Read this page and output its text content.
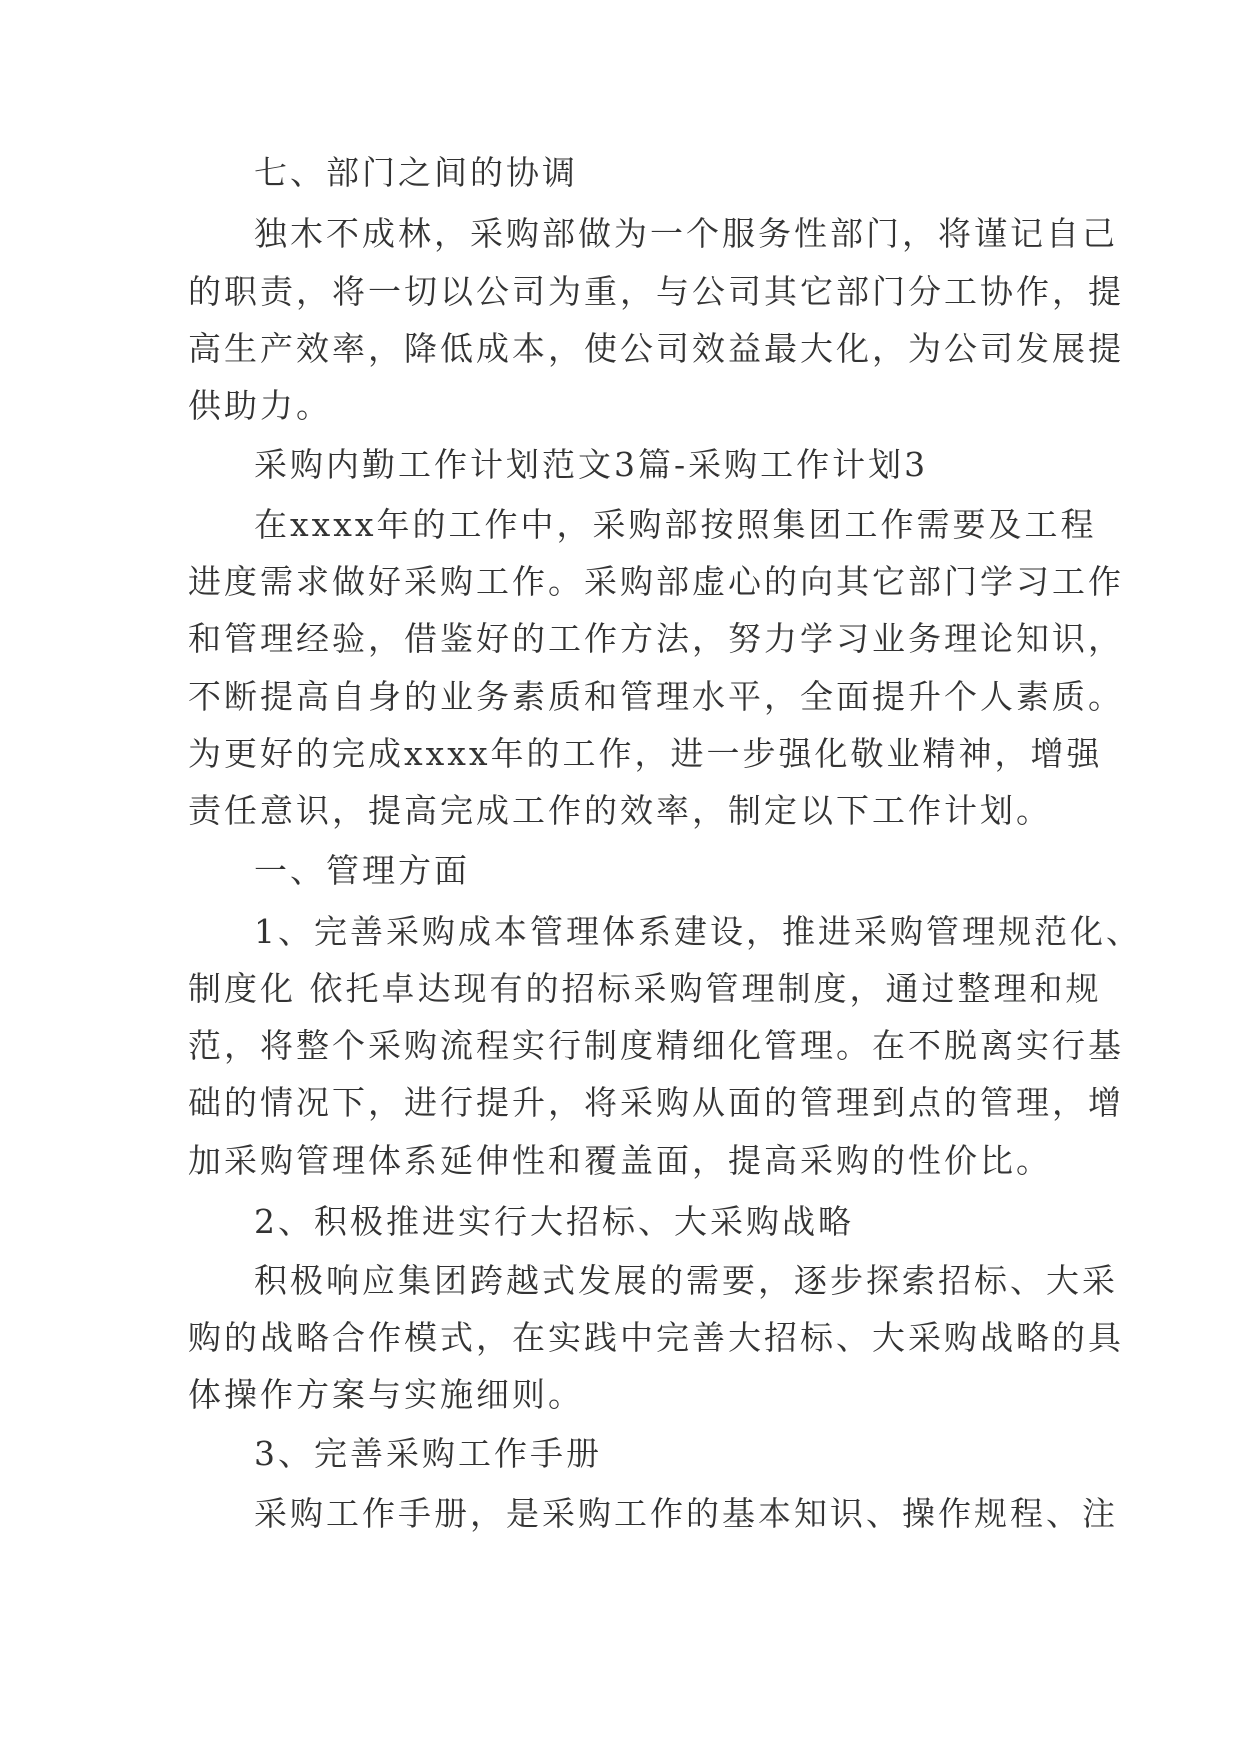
七、部门之间的协调
独木不成林，采购部做为一个服务性部门，将谨记自己
的职责，将一切以公司为重，与公司其它部门分工协作，提
高生产效率，降低成本，使公司效益最大化，为公司发展提
供助力。
采购内勤工作计划范文3篇-采购工作计划3
在xxxx年的工作中，采购部按照集团工作需要及工程
进度需求做好采购工作。采购部虚心的向其它部门学习工作
和管理经验，借鉴好的工作方法，努力学习业务理论知识，
不断提高自身的业务素质和管理水平，全面提升个人素质。
为更好的完成xxxx年的工作，进一步强化敬业精神，增强
责任意识，提高完成工作的效率，制定以下工作计划。
一、管理方面
1、完善采购成本管理体系建设，推进采购管理规范化、
制度化 依托卓达现有的招标采购管理制度，通过整理和规
范，将整个采购流程实行制度精细化管理。在不脱离实行基
础的情况下，进行提升，将采购从面的管理到点的管理，增
加采购管理体系延伸性和覆盖面，提高采购的性价比。
2、积极推进实行大招标、大采购战略
积极响应集团跨越式发展的需要，逐步探索招标、大采
购的战略合作模式，在实践中完善大招标、大采购战略的具
体操作方案与实施细则。
3、完善采购工作手册
采购工作手册，是采购工作的基本知识、操作规程、注
